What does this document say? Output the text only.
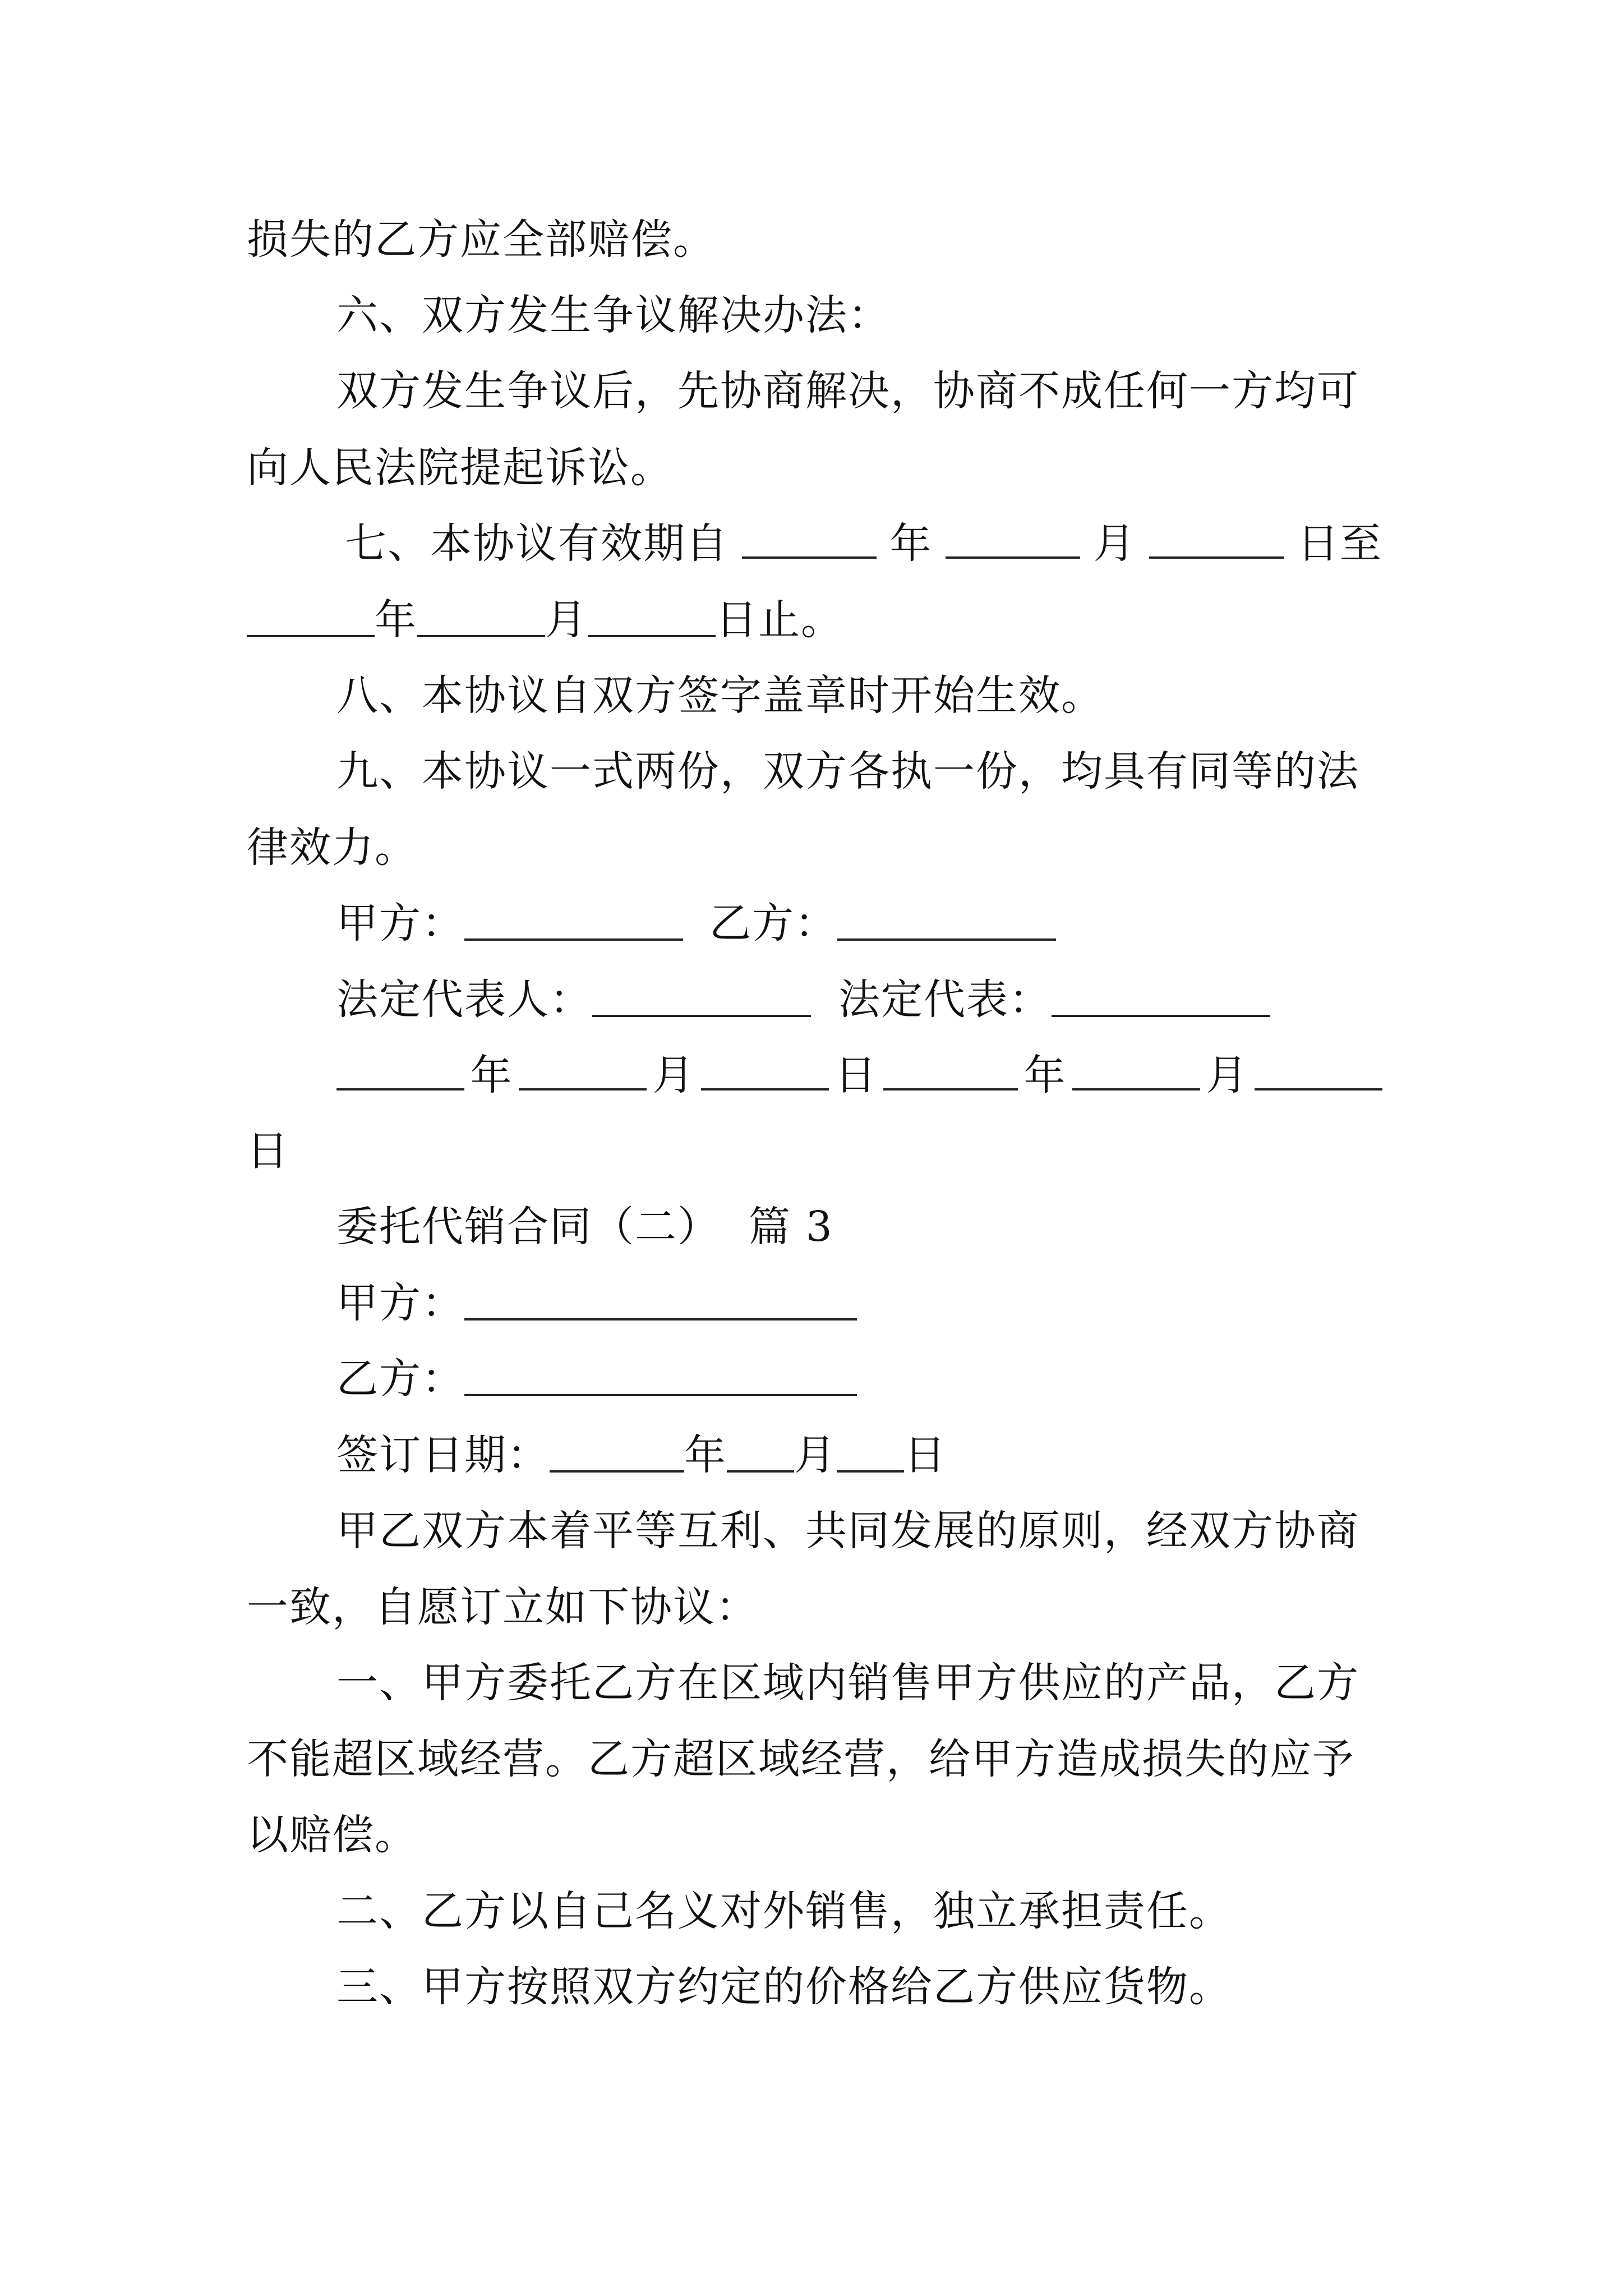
损失的乙方应全部赔偿。
六、双方发生争议解决办法：
双方发生争议后，先协商解决，协商不成任何一方均可
向人民法院提起诉讼。
七、本协议有效期自	年	月	日至
年	月	日止。
八、本协议自双方签字盖章时开始生效。
九、本协议一式两份，双方各执一份，均具有同等的法
律效力。
甲方：	乙方：
法定代表人：	法定代表：
年	月	日	年	月
日
委托代销合同（二）  篇 3
甲方：
乙方：
签订日期：	年 月 日
甲乙双方本着平等互利、共同发展的原则，经双方协商
一致，自愿订立如下协议：
一、甲方委托乙方在区域内销售甲方供应的产品，乙方
不能超区域经营。乙方超区域经营，给甲方造成损失的应予
以赔偿。
二、乙方以自己名义对外销售，独立承担责任。
三、甲方按照双方约定的价格给乙方供应货物。
